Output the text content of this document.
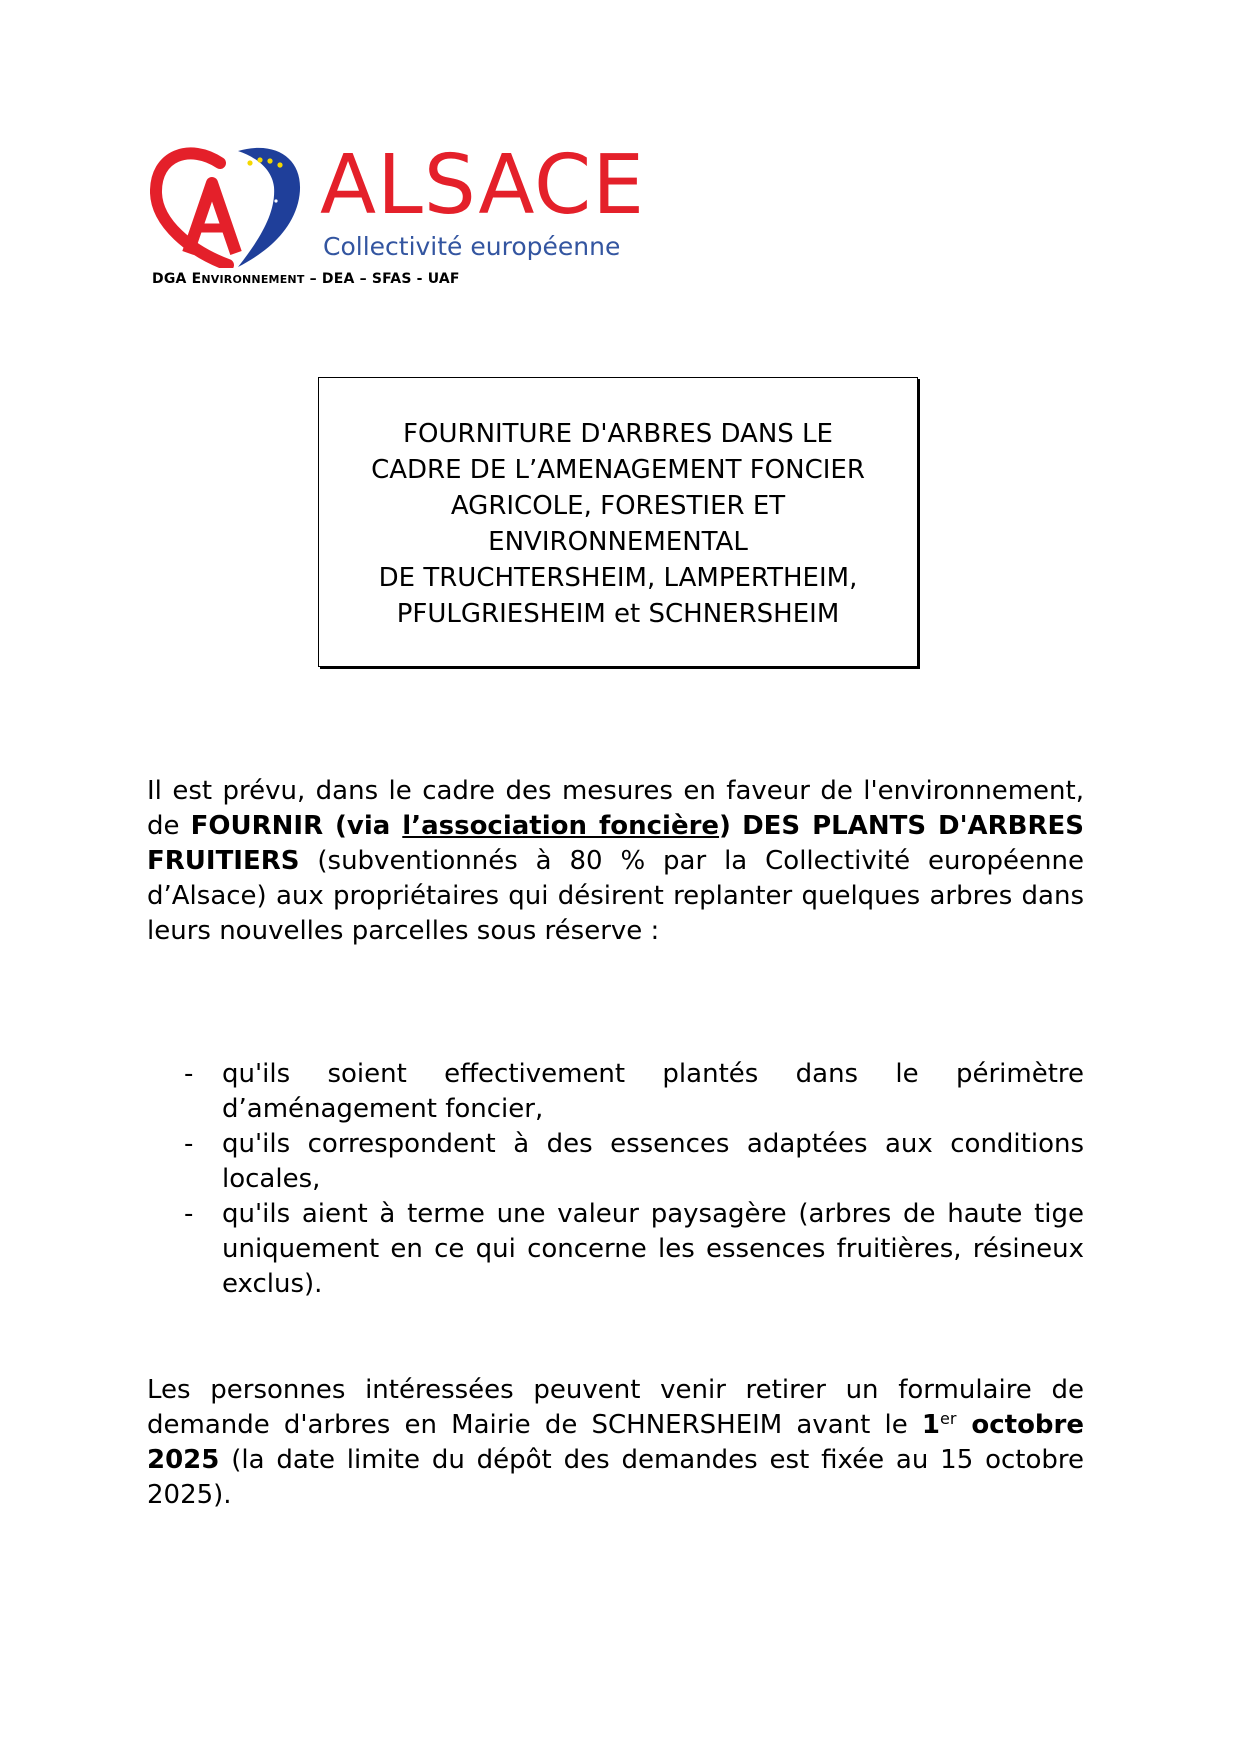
ALSACE
Collectivité européenne
DGA ENVIRONNEMENT – DEA – SFAS - UAF
FOURNITURE D'ARBRES DANS LE
CADRE DE L’AMENAGEMENT FONCIER
AGRICOLE, FORESTIER ET
ENVIRONNEMENTAL
DE TRUCHTERSHEIM, LAMPERTHEIM,
PFULGRIESHEIM et SCHNERSHEIM
Il est prévu, dans le cadre des mesures en faveur de l'environnement, de FOURNIR (via l’association foncière) DES PLANTS D'ARBRES FRUITIERS (subventionnés à 80 % par la Collectivité européenne d’Alsace) aux propriétaires qui désirent replanter quelques arbres dans leurs nouvelles parcelles sous réserve :
- qu'ils soient effectivement plantés dans le périmètre d’aménagement foncier,
- qu'ils correspondent à des essences adaptées aux conditions locales,
- qu'ils aient à terme une valeur paysagère (arbres de haute tige uniquement en ce qui concerne les essences fruitières, résineux exclus).
Les personnes intéressées peuvent venir retirer un formulaire de demande d'arbres en Mairie de SCHNERSHEIM avant le 1er octobre 2025 (la date limite du dépôt des demandes est fixée au 15 octobre 2025).
